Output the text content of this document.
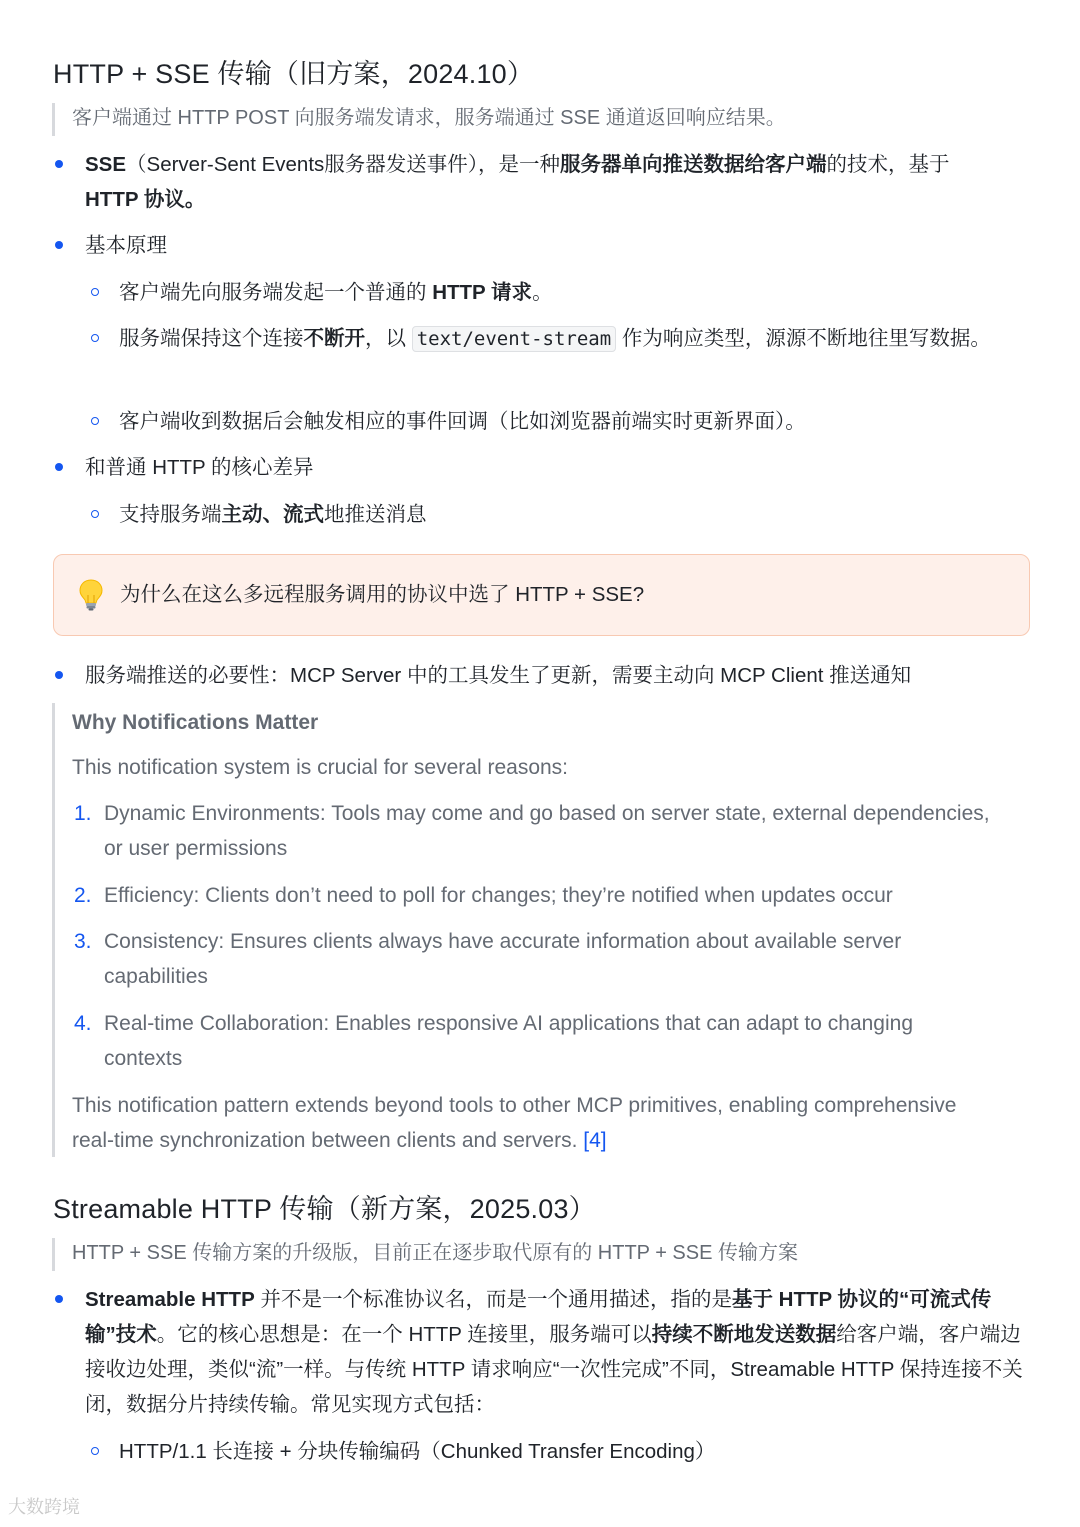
HTTP + SSE 传输（旧方案，2024.10）
客户端通过 HTTP POST 向服务端发请求，服务端通过 SSE 通道返回响应结果。
SSE（Server-Sent Events服务器发送事件），是一种服务器单向推送数据给客户端的技术，基于
HTTP 协议。
基本原理
客户端先向服务端发起一个普通的 HTTP 请求。
服务端保持这个连接不断开，以 text/event-stream 作为响应类型，源源不断地往里写数据。
客户端收到数据后会触发相应的事件回调（比如浏览器前端实时更新界面）。
和普通 HTTP 的核心差异
支持服务端主动、流式地推送消息
为什么在这么多远程服务调用的协议中选了 HTTP + SSE?
服务端推送的必要性：MCP Server 中的工具发生了更新，需要主动向 MCP Client 推送通知
Why Notifications Matter
This notification system is crucial for several reasons:
1. Dynamic Environments: Tools may come and go based on server state, external dependencies, or user permissions
2. Efficiency: Clients don’t need to poll for changes; they’re notified when updates occur
3. Consistency: Ensures clients always have accurate information about available server capabilities
4. Real-time Collaboration: Enables responsive AI applications that can adapt to changing contexts
This notification pattern extends beyond tools to other MCP primitives, enabling comprehensive real-time synchronization between clients and servers. [4]
Streamable HTTP 传输（新方案，2025.03）
HTTP + SSE 传输方案的升级版，目前正在逐步取代原有的 HTTP + SSE 传输方案
Streamable HTTP 并不是一个标准协议名，而是一个通用描述，指的是基于 HTTP 协议的“可流式传输”技术。它的核心思想是：在一个 HTTP 连接里，服务端可以持续不断地发送数据给客户端，客户端边接收边处理，类似“流”一样。与传统 HTTP 请求响应“一次性完成”不同，Streamable HTTP 保持连接不关闭，数据分片持续传输。常见实现方式包括：
HTTP/1.1 长连接 + 分块传输编码（Chunked Transfer Encoding）
大数跨境
